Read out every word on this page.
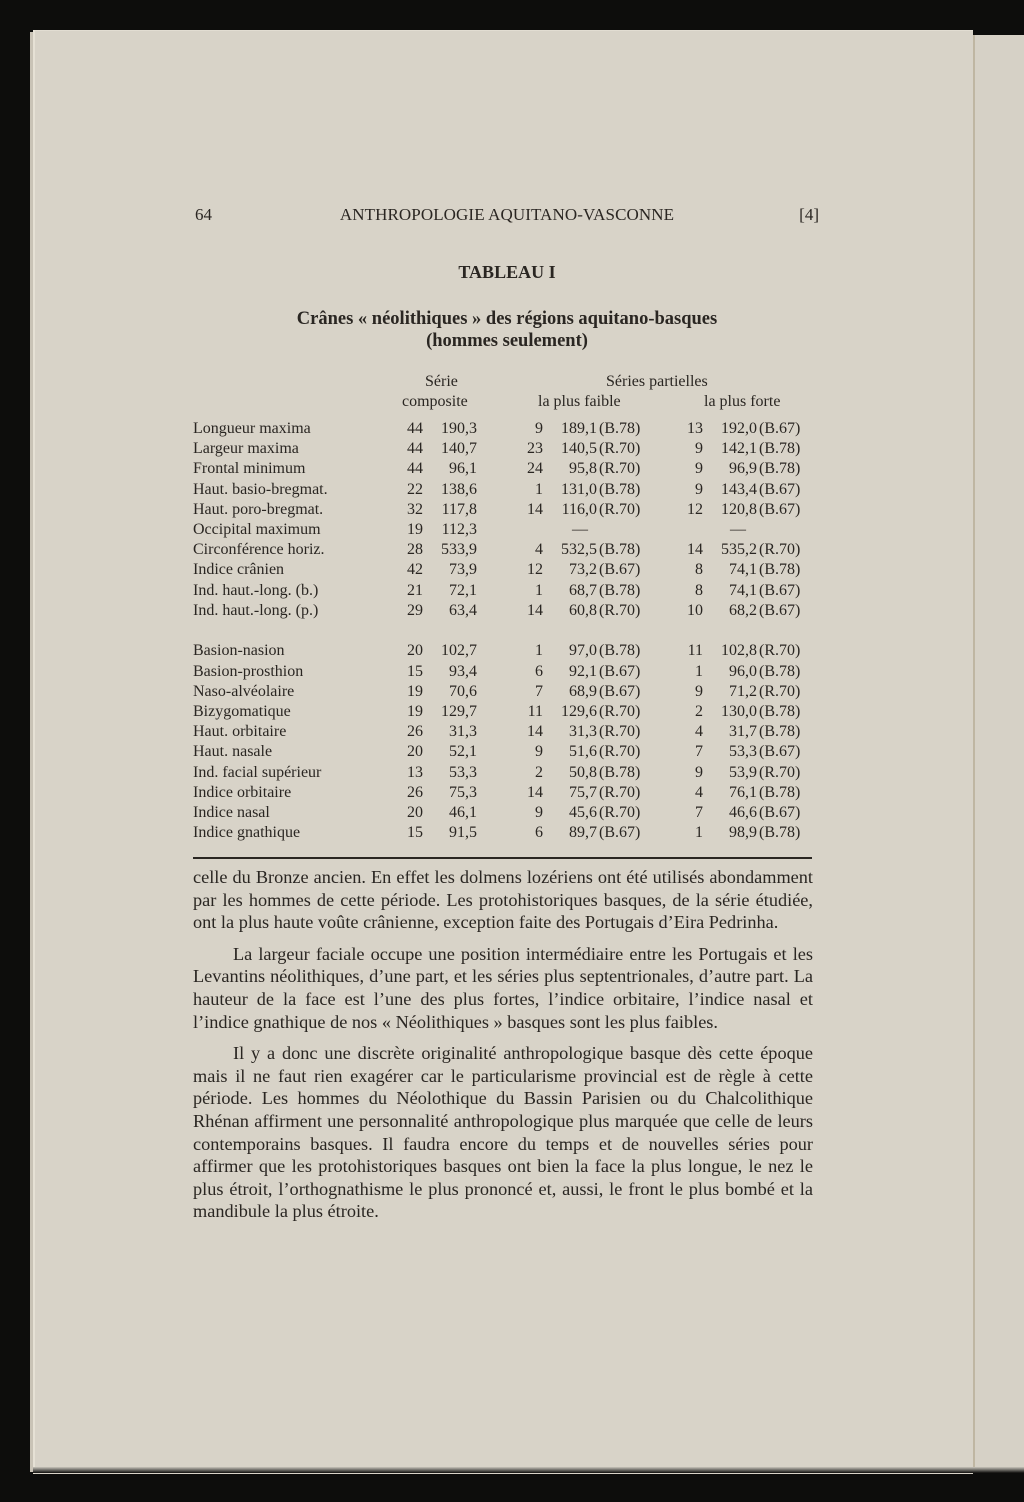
64	ANTHROPOLOGIE AQUITANO-VASCONNE	[4]
TABLEAU I
Crânes « néolithiques » des régions aquitano-basques
(hommes seulement)
Série
composite
Séries partielles
la plus faible	la plus forte
Longueur maxima	44	190,3	9	189,1 (B.78)	13	192,0 (B.67)
Largeur maxima	44	140,7	23	140,5 (R.70)	9	142,1 (B.78)
Frontal minimum	44	96,1	24	95,8 (R.70)	9	96,9 (B.78)
Haut. basio-bregmat.	22	138,6	1	131,0 (B.78)	9	143,4 (B.67)
Haut. poro-bregmat.	32	117,8	14	116,0 (R.70)	12	120,8 (B.67)
Occipital maximum	19	112,3	—	—
Circonférence horiz.	28	533,9	4	532,5 (B.78)	14	535,2 (R.70)
Indice crânien	42	73,9	12	73,2 (B.67)	8	74,1 (B.78)
Ind. haut.-long. (b.)	21	72,1	1	68,7 (B.78)	8	74,1 (B.67)
Ind. haut.-long. (p.)	29	63,4	14	60,8 (R.70)	10	68,2 (B.67)
Basion-nasion	20	102,7	1	97,0 (B.78)	11	102,8 (R.70)
Basion-prosthion	15	93,4	6	92,1 (B.67)	1	96,0 (B.78)
Naso-alvéolaire	19	70,6	7	68,9 (B.67)	9	71,2 (R.70)
Bizygomatique	19	129,7	11	129,6 (R.70)	2	130,0 (B.78)
Haut. orbitaire	26	31,3	14	31,3 (R.70)	4	31,7 (B.78)
Haut. nasale	20	52,1	9	51,6 (R.70)	7	53,3 (B.67)
Ind. facial supérieur	13	53,3	2	50,8 (B.78)	9	53,9 (R.70)
Indice orbitaire	26	75,3	14	75,7 (R.70)	4	76,1 (B.78)
Indice nasal	20	46,1	9	45,6 (R.70)	7	46,6 (B.67)
Indice gnathique	15	91,5	6	89,7 (B.67)	1	98,9 (B.78)

celle du Bronze ancien. En effet les dolmens lozériens ont été utilisés abondamment par les hommes de cette période. Les protohistoriques basques, de la série étudiée, ont la plus haute voûte crânienne, exception faite des Portugais d’Eira Pedrinha.

La largeur faciale occupe une position intermédiaire entre les Portugais et les Levantins néolithiques, d’une part, et les séries plus septentrionales, d’autre part. La hauteur de la face est l’une des plus fortes, l’indice orbitaire, l’indice nasal et l’indice gnathique de nos « Néolithiques » basques sont les plus faibles.

Il y a donc une discrète originalité anthropologique basque dès cette époque mais il ne faut rien exagérer car le particularisme provincial est de règle à cette période. Les hommes du Néolothique du Bassin Parisien ou du Chalcolithique Rhénan affirment une personnalité anthropologique plus marquée que celle de leurs contemporains basques. Il faudra encore du temps et de nouvelles séries pour affirmer que les protohistoriques basques ont bien la face la plus longue, le nez le plus étroit, l’orthognathisme le plus prononcé et, aussi, le front le plus bombé et la mandibule la plus étroite.
